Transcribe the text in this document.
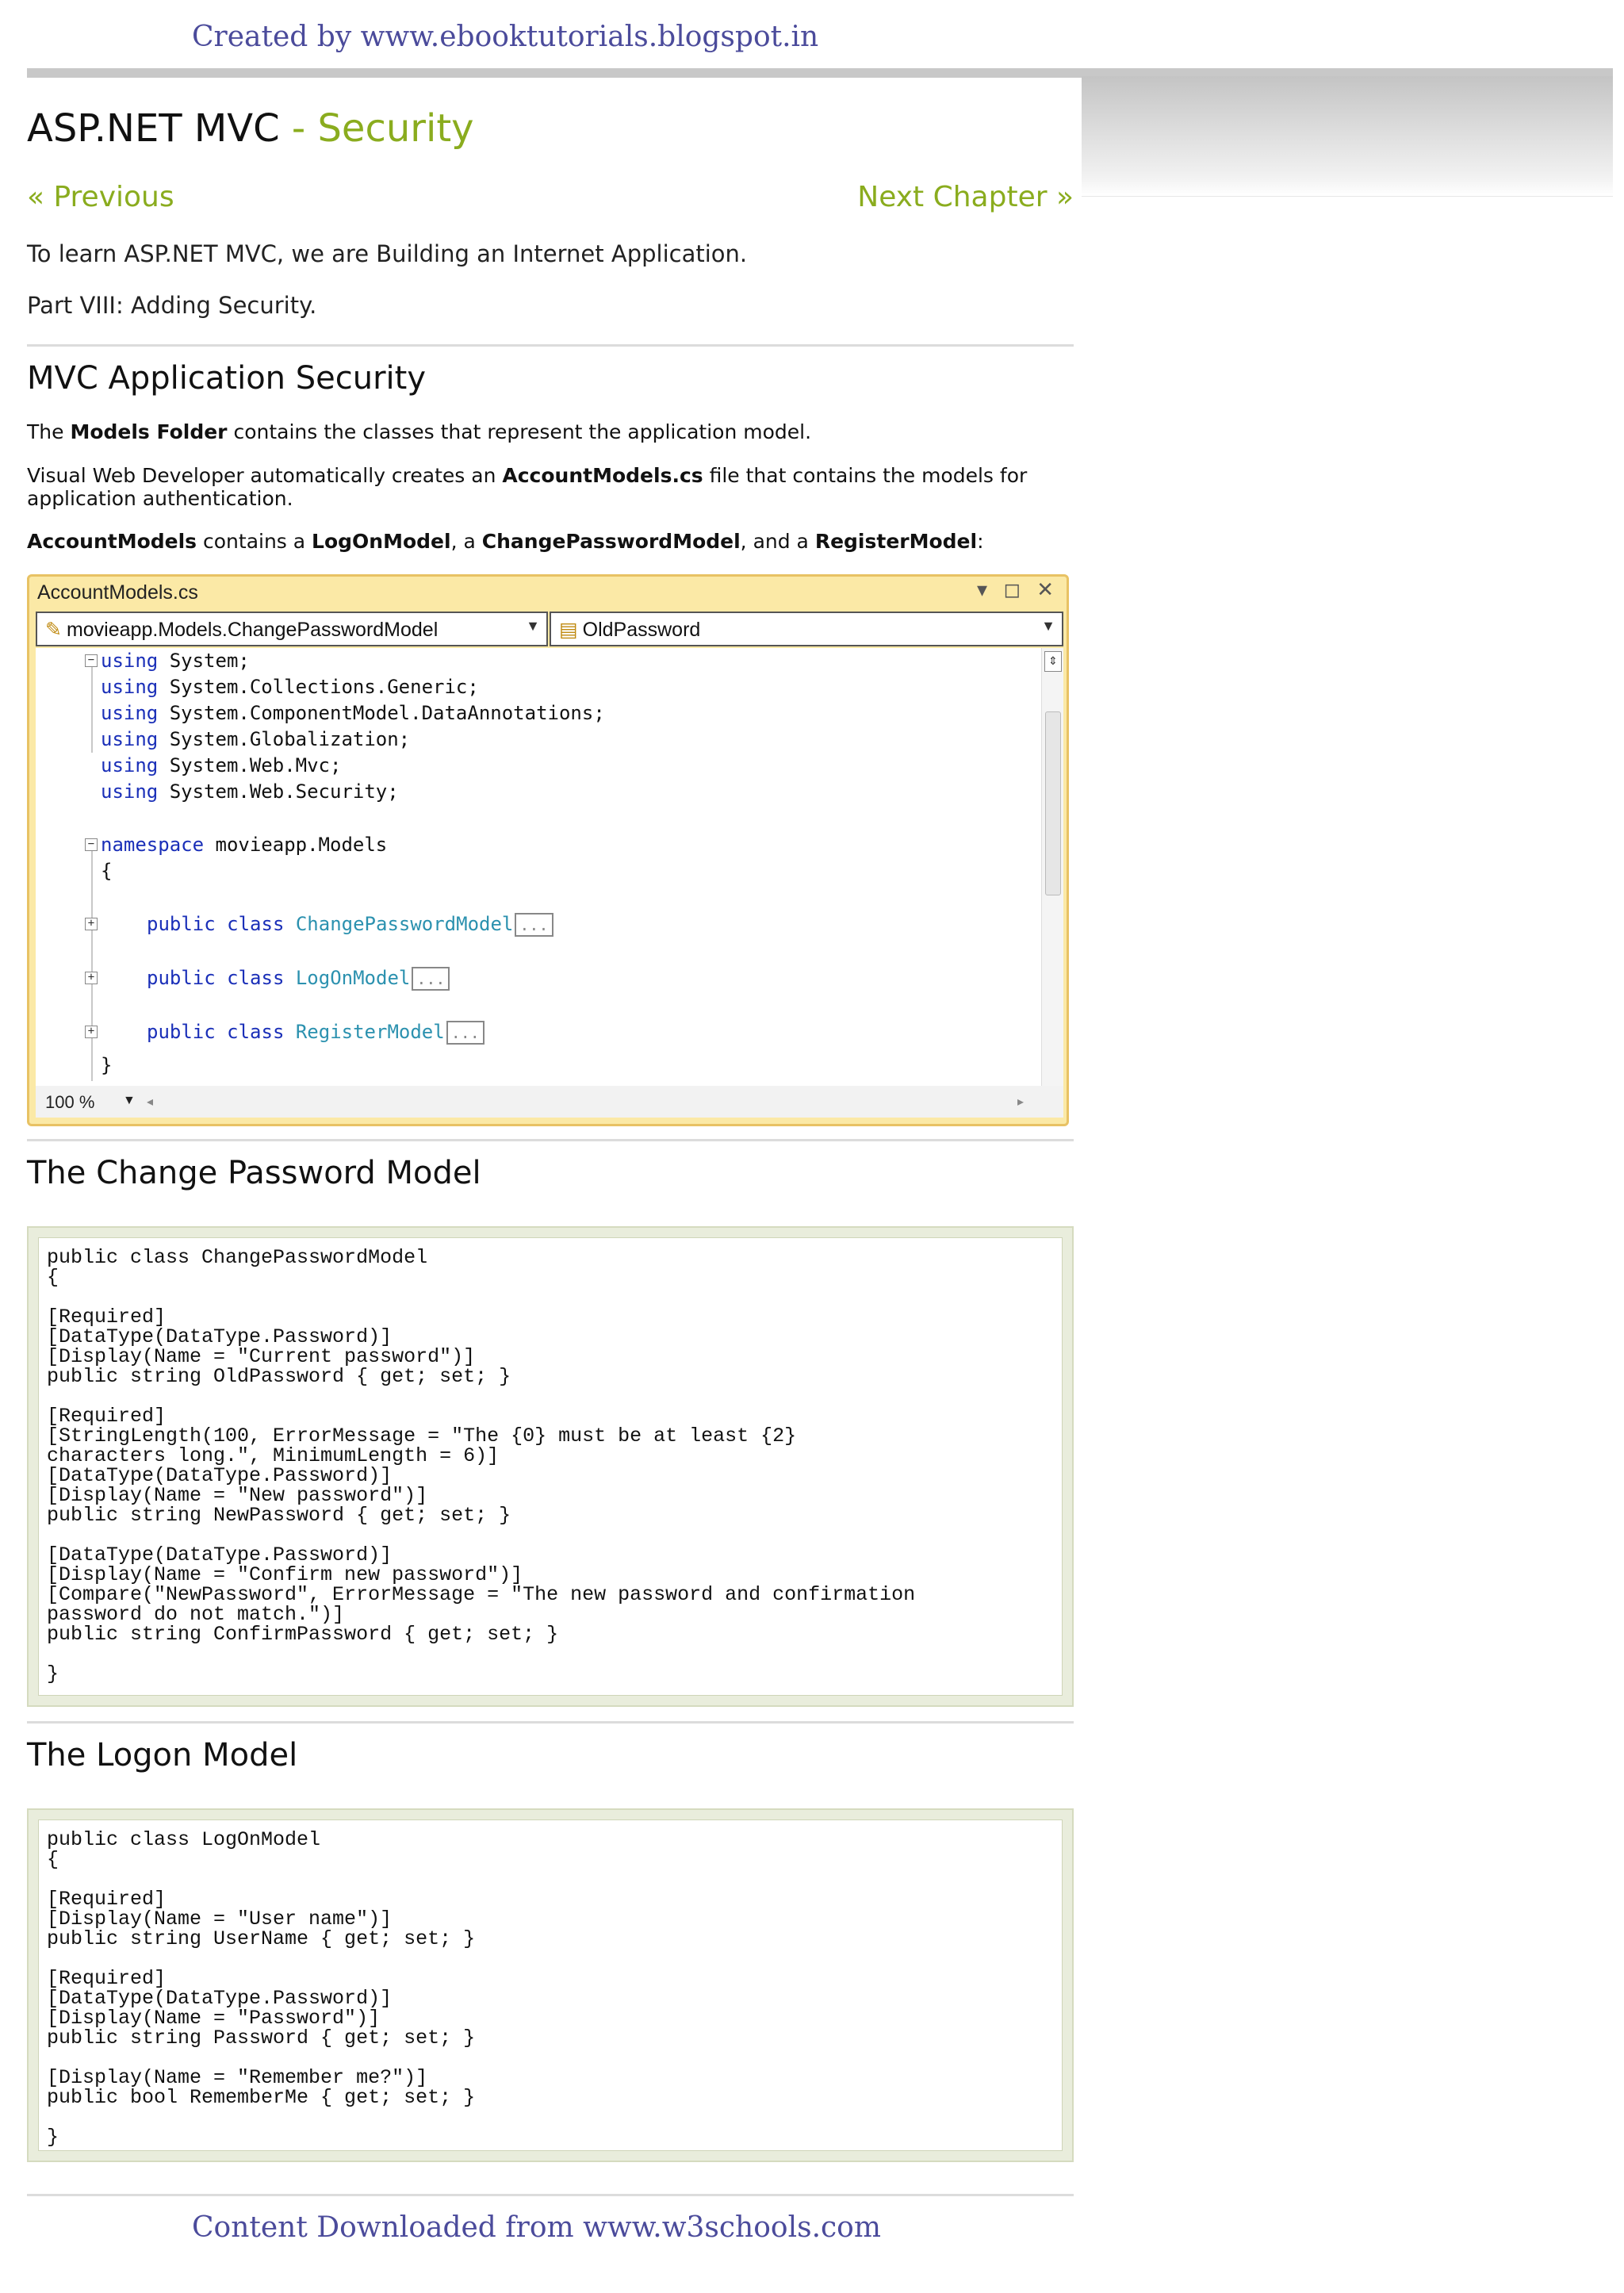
Created by www.ebooktutorials.blogspot.in
ASP.NET MVC - Security
« Previous	Next Chapter »
To learn ASP.NET MVC, we are Building an Internet Application.
Part VIII: Adding Security.
MVC Application Security
The Models Folder contains the classes that represent the application model.
Visual Web Developer automatically creates an AccountModels.cs file that contains the models for application authentication.
AccountModels contains a LogOnModel, a ChangePasswordModel, and a RegisterModel:
AccountModels.cs	▾ ◻ ✕
✎ movieapp.Models.ChangePasswordModel	▼ ▤ OldPassword	▼
− using System;
using System.Collections.Generic;
using System.ComponentModel.DataAnnotations;
using System.Globalization;
using System.Web.Mvc;
using System.Web.Security;
− namespace movieapp.Models
{
+	public class ChangePasswordModel ...
+	public class LogOnModel ...
+	public class RegisterModel ...
}
⇕
100 % ▼ ◂	▸
The Change Password Model
public class ChangePasswordModel
{

[Required]
[DataType(DataType.Password)]
[Display(Name = "Current password")]
public string OldPassword { get; set; }

[Required]
[StringLength(100, ErrorMessage = "The {0} must be at least {2}
characters long.", MinimumLength = 6)]
[DataType(DataType.Password)]
[Display(Name = "New password")]
public string NewPassword { get; set; }

[DataType(DataType.Password)]
[Display(Name = "Confirm new password")]
[Compare("NewPassword", ErrorMessage = "The new password and confirmation
password do not match.")]
public string ConfirmPassword { get; set; }

}
The Logon Model
public class LogOnModel
{

[Required]
[Display(Name = "User name")]
public string UserName { get; set; }

[Required]
[DataType(DataType.Password)]
[Display(Name = "Password")]
public string Password { get; set; }

[Display(Name = "Remember me?")]
public bool RememberMe { get; set; }

}
Content Downloaded from www.w3schools.com
